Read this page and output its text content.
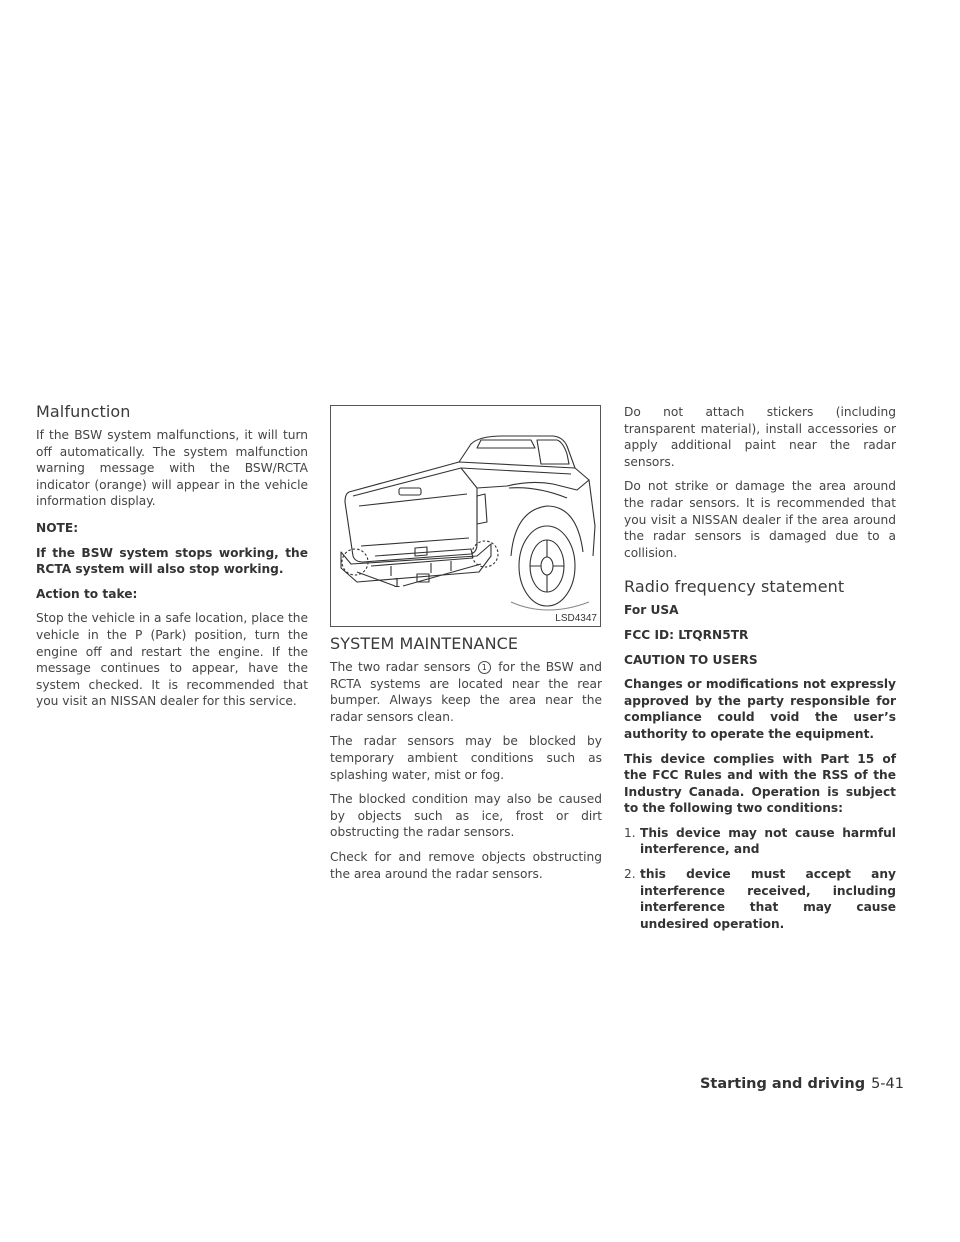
Malfunction

If the BSW system malfunctions, it will turn off automatically. The system malfunction warning message with the BSW/RCTA indicator (orange) will appear in the vehicle information display.

NOTE:

If the BSW system stops working, the RCTA system will also stop working.

Action to take:

Stop the vehicle in a safe location, place the vehicle in the P (Park) position, turn the engine off and restart the engine. If the message continues to appear, have the system checked. It is recommended that you visit an NISSAN dealer for this service.

1
LSD4347
SYSTEM MAINTENANCE

The two radar sensors 1 for the BSW and RCTA systems are located near the rear bumper. Always keep the area near the radar sensors clean.

The radar sensors may be blocked by temporary ambient conditions such as splashing water, mist or fog.

The blocked condition may also be caused by objects such as ice, frost or dirt obstructing the radar sensors.

Check for and remove objects obstructing the area around the radar sensors.

Do not attach stickers (including transparent material), install accessories or apply additional paint near the radar sensors.

Do not strike or damage the area around the radar sensors. It is recommended that you visit a NISSAN dealer if the area around the radar sensors is damaged due to a collision.

Radio frequency statement

For USA

FCC ID: LTQRN5TR

CAUTION TO USERS

Changes or modifications not expressly approved by the party responsible for compliance could void the user’s authority to operate the equipment.

This device complies with Part 15 of the FCC Rules and with the RSS of the Industry Canada. Operation is subject to the following two conditions:

1. This device may not cause harmful interference, and
2. this device must accept any interference received, including interference that may cause undesired operation.
Starting and driving 5-41
